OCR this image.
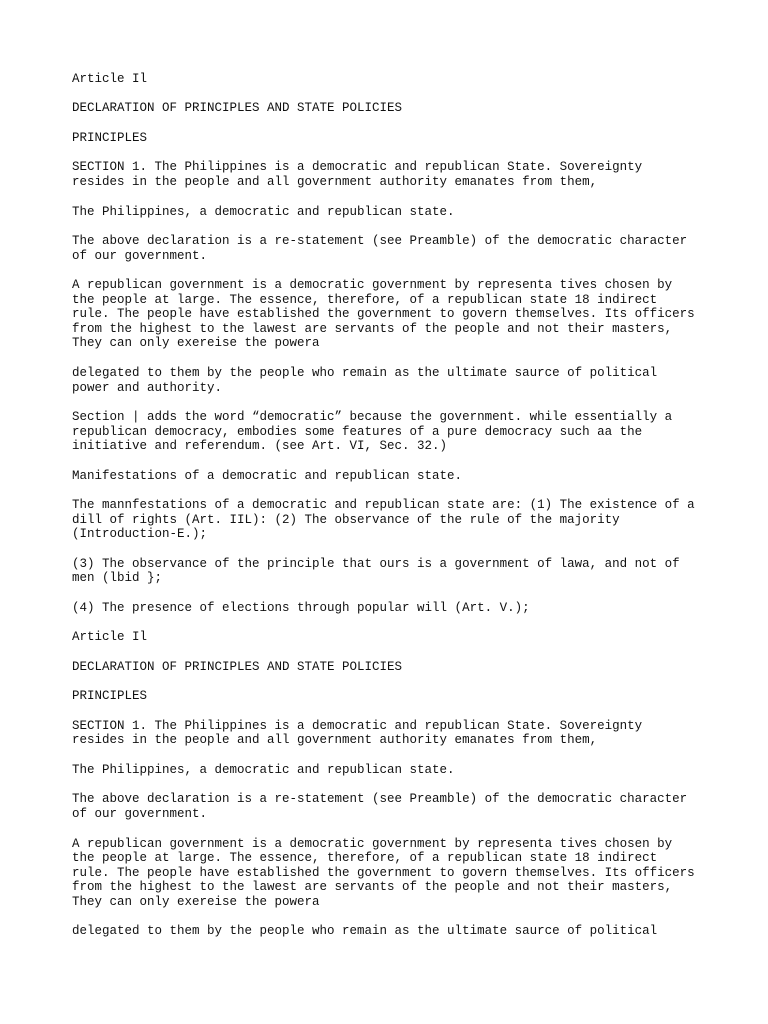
Article Il

DECLARATION OF PRINCIPLES AND STATE POLICIES

PRINCIPLES

SECTION 1. The Philippines is a democratic and republican State. Sovereignty
resides in the people and all government authority emanates from them,

The Philippines, a democratic and republican state.

The above declaration is a re-statement (see Preamble) of the democratic character
of our government.

A republican government is a democratic government by representa tives chosen by
the people at large. The essence, therefore, of a republican state 18 indirect
rule. The people have established the government to govern themselves. Its officers
from the highest to the lawest are servants of the people and not their masters,
They can only exereise the powera

delegated to them by the people who remain as the ultimate saurce of political
power and authority.

Section | adds the word “democratic” because the government. while essentially a
republican democracy, embodies some features of a pure democracy such aa the
initiative and referendum. (see Art. VI, Sec. 32.)

Manifestations of a democratic and republican state.

The mannfestations of a democratic and republican state are: (1) The existence of a
dill of rights (Art. IIL): (2) The observance of the rule of the majority
(Introduction-E.);

(3) The observance of the principle that ours is a government of lawa, and not of
men (lbid };

(4) The presence of elections through popular will (Art. V.);

Article Il

DECLARATION OF PRINCIPLES AND STATE POLICIES

PRINCIPLES

SECTION 1. The Philippines is a democratic and republican State. Sovereignty
resides in the people and all government authority emanates from them,

The Philippines, a democratic and republican state.

The above declaration is a re-statement (see Preamble) of the democratic character
of our government.

A republican government is a democratic government by representa tives chosen by
the people at large. The essence, therefore, of a republican state 18 indirect
rule. The people have established the government to govern themselves. Its officers
from the highest to the lawest are servants of the people and not their masters,
They can only exereise the powera

delegated to them by the people who remain as the ultimate saurce of political
